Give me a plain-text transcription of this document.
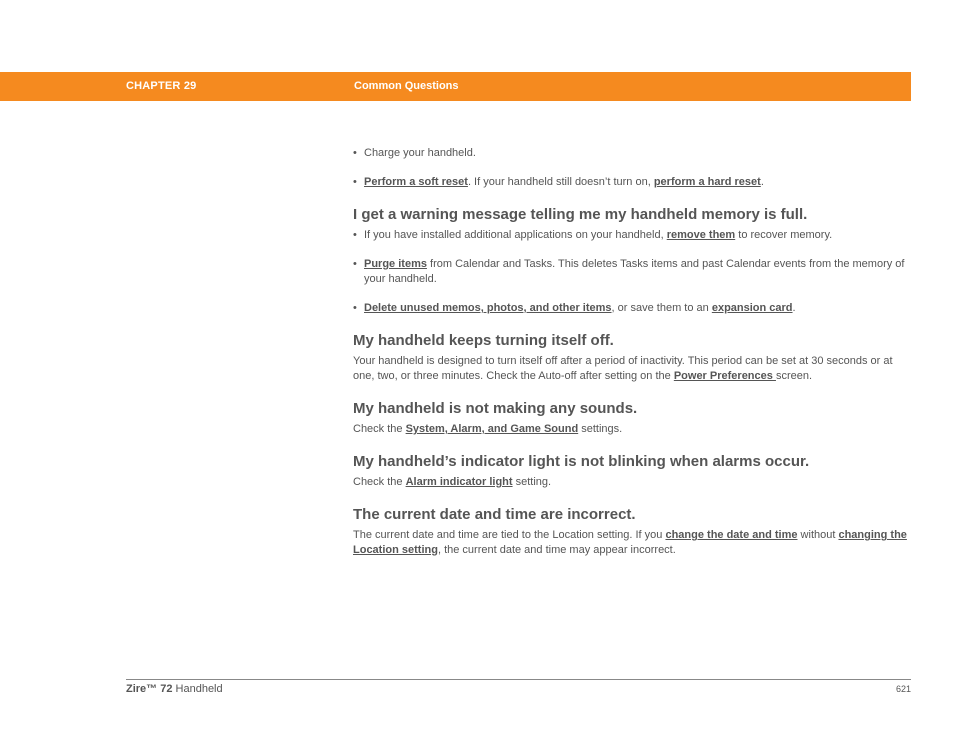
CHAPTER 29	Common Questions
• Charge your handheld.
• Perform a soft reset. If your handheld still doesn’t turn on, perform a hard reset.
I get a warning message telling me my handheld memory is full.
• If you have installed additional applications on your handheld, remove them to recover memory.
• Purge items from Calendar and Tasks. This deletes Tasks items and past Calendar events from the memory of your handheld.
• Delete unused memos, photos, and other items, or save them to an expansion card.
My handheld keeps turning itself off.
Your handheld is designed to turn itself off after a period of inactivity. This period can be set at 30 seconds or at one, two, or three minutes. Check the Auto-off after setting on the Power Preferences screen.
My handheld is not making any sounds.
Check the System, Alarm, and Game Sound settings.
My handheld’s indicator light is not blinking when alarms occur.
Check the Alarm indicator light setting.
The current date and time are incorrect.
The current date and time are tied to the Location setting. If you change the date and time without changing the Location setting, the current date and time may appear incorrect.
Zire™ 72 Handheld	621
